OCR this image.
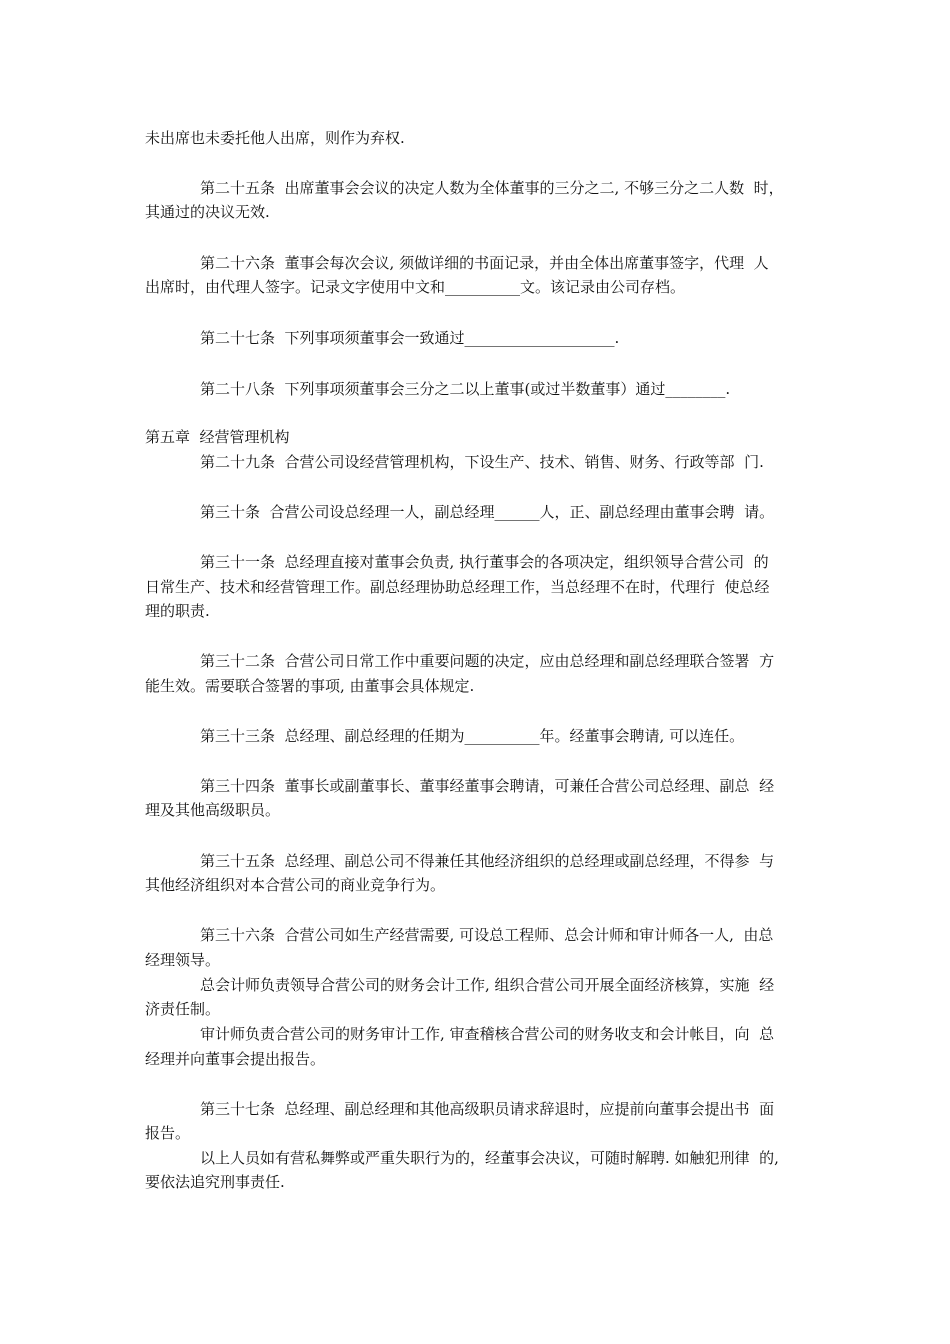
未出席也未委托他人出席，则作为弃权.
第二十五条  出席董事会会议的决定人数为全体董事的三分之二, 不够三分之二人数  时，
其通过的决议无效.
第二十六条  董事会每次会议, 须做详细的书面记录，并由全体出席董事签字，代理  人
出席时，由代理人签字。记录文字使用中文和__________文。该记录由公司存档。
第二十七条  下列事项须董事会一致通过____________________.
第二十八条  下列事项须董事会三分之二以上董事(或过半数董事）通过________.
第五章  经营管理机构
第二十九条  合营公司设经营管理机构，下设生产、技术、销售、财务、行政等部  门.
第三十条  合营公司设总经理一人，副总经理______人，正、副总经理由董事会聘  请。
第三十一条  总经理直接对董事会负责, 执行董事会的各项决定，组织领导合营公司  的
日常生产、技术和经营管理工作。副总经理协助总经理工作，当总经理不在时，代理行  使总经
理的职责.
第三十二条  合营公司日常工作中重要问题的决定，应由总经理和副总经理联合签署  方
能生效。需要联合签署的事项, 由董事会具体规定.
第三十三条  总经理、副总经理的任期为__________年。经董事会聘请, 可以连任。
第三十四条  董事长或副董事长、董事经董事会聘请，可兼任合营公司总经理、副总  经
理及其他高级职员。
第三十五条  总经理、副总公司不得兼任其他经济组织的总经理或副总经理，不得参  与
其他经济组织对本合营公司的商业竞争行为。
第三十六条  合营公司如生产经营需要, 可设总工程师、总会计师和审计师各一人,  由总
经理领导。
总会计师负责领导合营公司的财务会计工作, 组织合营公司开展全面经济核算，实施  经
济责任制。
审计师负责合营公司的财务审计工作, 审查稽核合营公司的财务收支和会计帐目，向  总
经理并向董事会提出报告。
第三十七条  总经理、副总经理和其他高级职员请求辞退时，应提前向董事会提出书  面
报告。
以上人员如有营私舞弊或严重失职行为的，经董事会决议，可随时解聘. 如触犯刑律  的,
要依法追究刑事责任.
